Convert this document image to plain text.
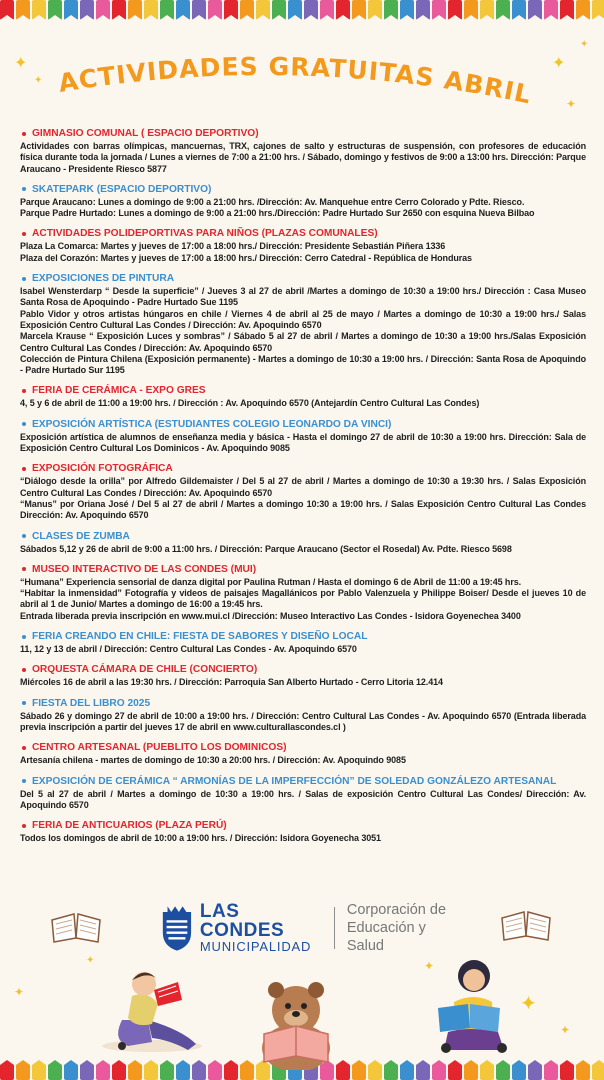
✦
✦
✦
✦
✦
✦
✦
✦
✦
✦
ACTIVIDADES GRATUITAS ABRIL 2025
GIMNASIO COMUNAL ( ESPACIO DEPORTIVO)
Actividades con barras olímpicas, mancuernas, TRX, cajones de salto y estructuras de suspensión, con profesores de educación física durante toda la jornada / Lunes a viernes de 7:00 a 21:00 hrs. / Sábado, domingo y festivos de 9:00 a 13:00 hrs. Dirección: Parque Araucano - Presidente Riesco 5877
SKATEPARK (ESPACIO DEPORTIVO)
Parque Araucano: Lunes a domingo de 9:00 a 21:00 hrs. /Dirección: Av. Manquehue entre Cerro Colorado y Pdte. Riesco.
Parque Padre Hurtado: Lunes a domingo de 9:00 a 21:00 hrs./Dirección: Padre Hurtado Sur 2650 con esquina Nueva Bilbao
ACTIVIDADES POLIDEPORTIVAS PARA NIÑOS (PLAZAS COMUNALES)
Plaza La Comarca: Martes y jueves de 17:00 a 18:00 hrs./ Dirección: Presidente Sebastián Piñera 1336
Plaza del Corazón: Martes y jueves de 17:00 a 18:00 hrs./ Dirección: Cerro Catedral - República de Honduras
EXPOSICIONES DE PINTURA
Isabel Wensterdarp “ Desde la superficie” / Jueves 3 al 27 de abril /Martes a domingo de 10:30 a 19:00 hrs./ Dirección : Casa Museo Santa Rosa de Apoquindo - Padre Hurtado Sue 1195
Pablo Vidor y otros artistas húngaros en chile / Viernes 4 de abril al 25 de mayo / Martes a domingo de 10:30 a 19:00 hrs./ Salas Exposición Centro Cultural Las Condes / Dirección: Av. Apoquindo 6570
Marcela Krause “ Exposición Luces y sombras” / Sábado 5 al 27 de abril / Martes a domingo de 10:30 a 19:00 hrs./Salas Exposición Centro Cultural Las Condes / Dirección: Av. Apoquindo 6570
Colección de Pintura Chilena (Exposición permanente) - Martes a domingo de 10:30 a 19:00 hrs. / Dirección: Santa Rosa de Apoquindo - Padre Hurtado Sur 1195
FERIA DE CERÁMICA - EXPO GRES
4, 5 y 6 de abril de 11:00 a 19:00 hrs. / Dirección : Av. Apoquindo 6570 (Antejardín Centro Cultural Las Condes)
EXPOSICIÓN ARTÍSTICA (ESTUDIANTES COLEGIO LEONARDO DA VINCI)
Exposición artística de alumnos de enseñanza media y básica - Hasta el domingo 27 de abril de 10:30 a 19:00 hrs. Dirección: Sala de Exposición Centro Cultural Los Dominicos - Av. Apoquindo 9085
EXPOSICIÓN FOTOGRÁFICA
“Diálogo desde la orilla” por Alfredo Gildemaister / Del 5 al 27 de abril / Martes a domingo de 10:30 a 19:30 hrs. / Salas Exposición Centro Cultural Las Condes / Dirección: Av. Apoquindo 6570
“Manus” por Oriana José / Del 5 al 27 de abril / Martes a domingo 10:30 a 19:00 hrs. / Salas Exposición Centro Cultural Las Condes Dirección: Av. Apoquindo 6570
CLASES DE ZUMBA
Sábados 5,12 y 26 de abril de 9:00 a 11:00 hrs. / Dirección: Parque Araucano (Sector el Rosedal) Av. Pdte. Riesco 5698
MUSEO INTERACTIVO DE LAS CONDES (MUI)
“Humana” Experiencia sensorial de danza digital por Paulina Rutman / Hasta el domingo 6 de Abril de 11:00 a 19:45 hrs.
“Habitar la inmensidad” Fotografía y videos de paisajes Magallánicos por Pablo Valenzuela y Philippe Boiser/ Desde el jueves 10 de abril al 1 de Junio/ Martes a domingo de 16:00 a 19:45 hrs.
Entrada liberada previa inscripción en www.mui.cl /Dirección: Museo Interactivo Las Condes - Isidora Goyenechea 3400
FERIA CREANDO EN CHILE: FIESTA DE SABORES Y DISEÑO LOCAL
11, 12 y 13 de abril / Dirección: Centro Cultural Las Condes - Av. Apoquindo 6570
ORQUESTA CÁMARA DE CHILE (CONCIERTO)
Miércoles 16 de abril a las 19:30 hrs. / Dirección: Parroquia San Alberto Hurtado - Cerro Litoria 12.414
FIESTA DEL LIBRO 2025
Sábado 26 y domingo 27 de abril de 10:00 a 19:00 hrs. / Dirección: Centro Cultural Las Condes - Av. Apoquindo 6570 (Entrada liberada previa inscripción a partir del jueves 17 de abril en www.culturallascondes.cl )
CENTRO ARTESANAL (PUEBLITO LOS DOMINICOS)
Artesanía chilena - martes de domingo de 10:30 a 20:00 hrs. / Dirección: Av. Apoquindo 9085
EXPOSICIÓN DE CERÁMICA “ ARMONÍAS DE LA IMPERFECCIÓN” DE SOLEDAD GONZÁLEZO ARTESANAL
Del 5 al 27 de abril / Martes a domingo de 10:30 a 19:00 hrs. / Salas de exposición Centro Cultural Las Condes/ Dirección: Av. Apoquindo 6570
FERIA DE ANTICUARIOS (PLAZA PERÚ)
Todos los domingos de abril de 10:00 a 19:00 hrs. / Dirección: Isidora Goyenecha 3051
LAS CONDES
MUNICIPALIDAD
Corporación de
Educación y Salud
